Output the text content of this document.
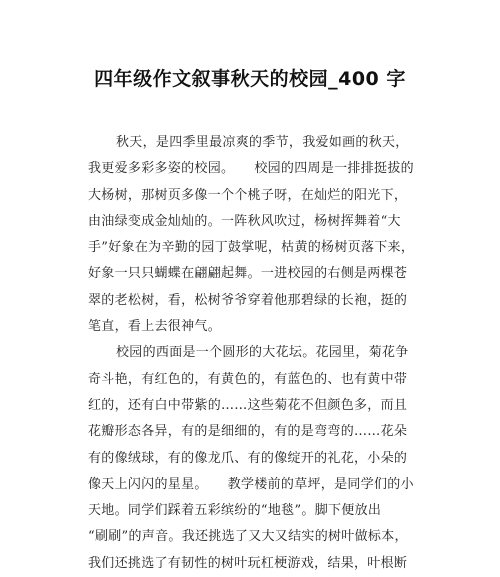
四年级作文叙事秋天的校园_400 字
秋天，是四季里最凉爽的季节，我爱如画的秋天，
我更爱多彩多姿的校园。 校园的四周是一排排挺拔的
大杨树，那树页多像一个个桃子呀，在灿烂的阳光下，
由油绿变成金灿灿的。一阵秋风吹过，杨树挥舞着“大
手”好象在为辛勤的园丁鼓掌呢，枯黄的杨树页落下来，
好象一只只蝴蝶在翩翩起舞。一进校园的右侧是两棵苍
翠的老松树，看，松树爷爷穿着他那碧绿的长袍，挺的
笔直，看上去很神气。
校园的西面是一个圆形的大花坛。花园里，菊花争
奇斗艳，有红色的，有黄色的，有蓝色的、也有黄中带
红的，还有白中带紫的……这些菊花不但颜色多，而且
花瓣形态各异，有的是细细的，有的是弯弯的……花朵
有的像绒球，有的像龙爪、有的像绽开的礼花，小朵的
像天上闪闪的星星。 教学楼前的草坪，是同学们的小
天地。同学们踩着五彩缤纷的“地毯”。脚下便放出
“刷刷”的声音。我还挑选了又大又结实的树叶做标本，
我们还挑选了有韧性的树叶玩杠梗游戏，结果，叶根断
